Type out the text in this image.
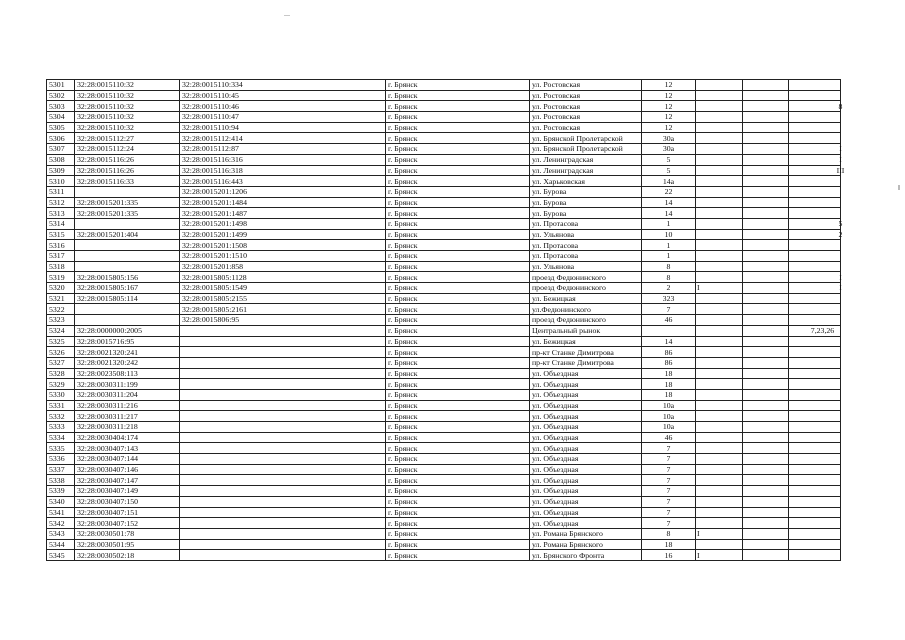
5301	32:28:0015110:32	32:28:0015110:334	г. Брянск	ул. Ростовская	12			
5302	32:28:0015110:32	32:28:0015110:45	г. Брянск	ул. Ростовская	12			
5303	32:28:0015110:32	32:28:0015110:46	г. Брянск	ул. Ростовская	12			8
5304	32:28:0015110:32	32:28:0015110:47	г. Брянск	ул. Ростовская	12			
5305	32:28:0015110:32	32:28:0015110:94	г. Брянск	ул. Ростовская	12			
5306	32:28:0015112:27	32:28:0015112:414	г. Брянск	ул. Брянской Пролетарской	30а			
5307	32:28:0015112:24	32:28:0015112:87	г. Брянск	ул. Брянской Пролетарской	30а			I
5308	32:28:0015116:26	32:28:0015116:316	г. Брянск	ул. Ленинградская	5			I
5309	32:28:0015116:26	32:28:0015116:318	г. Брянск	ул. Ленинградская	5			III
5310	32:28:0015116:33	32:28:0015116:443	г. Брянск	ул. Харьковская	14а			
5311		32:28:0015201:1206	г. Брянск	ул. Бурова	22			
5312	32:28:0015201:335	32:28:0015201:1484	г. Брянск	ул. Бурова	14			
5313	32:28:0015201:335	32:28:0015201:1487	г. Брянск	ул. Бурова	14			
5314		32:28:0015201:1498	г. Брянск	ул. Протасова	1			5
5315	32:28:0015201:404	32:28:0015201:1499	г. Брянск	ул. Ульянова	10			2
5316		32:28:0015201:1508	г. Брянск	ул. Протасова	1			
5317		32:28:0015201:1510	г. Брянск	ул. Протасова	1			
5318		32:28:0015201:858	г. Брянск	ул. Ульянова	8			
5319	32:28:0015805:156	32:28:0015805:1128	г. Брянск	проезд Федюнинского	8			I
5320	32:28:0015805:167	32:28:0015805:1549	г. Брянск	проезд Федюнинского	2	I		I
5321	32:28:0015805:114	32:28:0015805:2155	г. Брянск	ул. Бежицкая	323			
5322		32:28:0015805:2161	г. Брянск	ул.Федюнинского	7			
5323		32:28:0015806:95	г. Брянск	проезд Федюнинского	46			
5324	32:28:0000000:2005		г. Брянск	Центральный рынок				7,23,26
5325	32:28:0015716:95		г. Брянск	ул. Бежицкая	14			
5326	32:28:0021320:241		г. Брянск	пр-кт Станке Димитрова	86			
5327	32:28:0021320:242		г. Брянск	пр-кт Станке Димитрова	86			
5328	32:28:0023508:113		г. Брянск	ул. Объездная	18			
5329	32:28:0030311:199		г. Брянск	ул. Объездная	18			
5330	32:28:0030311:204		г. Брянск	ул. Объездная	18			
5331	32:28:0030311:216		г. Брянск	ул. Объездная	10а			
5332	32:28:0030311:217		г. Брянск	ул. Объездная	10а			
5333	32:28:0030311:218		г. Брянск	ул. Объездная	10а			
5334	32:28:0030404:174		г. Брянск	ул. Объездная	46			
5335	32:28:0030407:143		г. Брянск	ул. Объездная	7			
5336	32:28:0030407:144		г. Брянск	ул. Объездная	7			
5337	32:28:0030407:146		г. Брянск	ул. Объездная	7			
5338	32:28:0030407:147		г. Брянск	ул. Объездная	7			
5339	32:28:0030407:149		г. Брянск	ул. Объездная	7			
5340	32:28:0030407:150		г. Брянск	ул. Объездная	7			
5341	32:28:0030407:151		г. Брянск	ул. Объездная	7			
5342	32:28:0030407:152		г. Брянск	ул. Объездная	7			
5343	32:28:0030501:78		г. Брянск	ул. Романа Брянского	8	I		
5344	32:28:0030501:95		г. Брянск	ул. Романа Брянского	18			
5345	32:28:0030502:18		г. Брянск	ул. Брянского Фронта	16	I		
